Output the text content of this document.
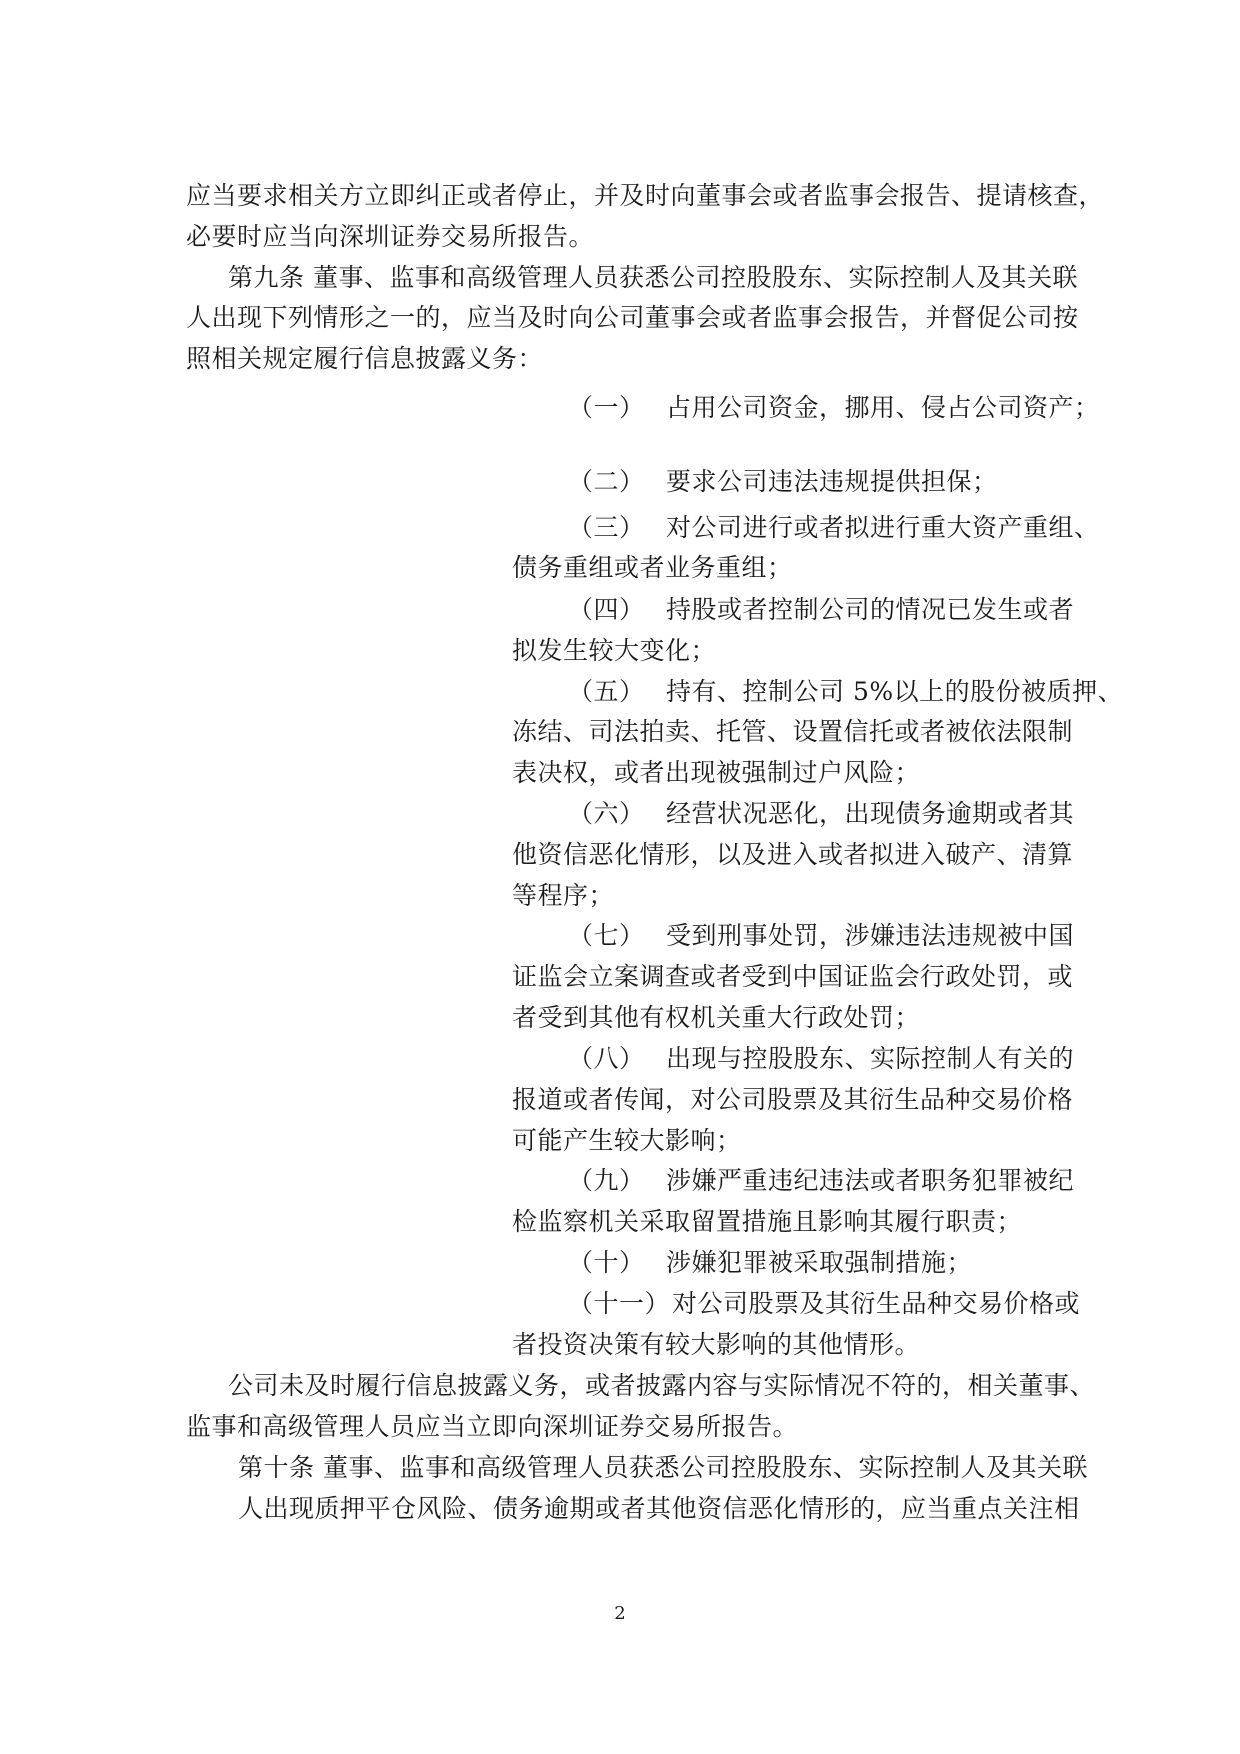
应当要求相关方立即纠正或者停止，并及时向董事会或者监事会报告、提请核查，
必要时应当向深圳证券交易所报告。
第九条 董事、监事和高级管理人员获悉公司控股股东、实际控制人及其关联
人出现下列情形之一的，应当及时向公司董事会或者监事会报告，并督促公司按
照相关规定履行信息披露义务：
（一） 占用公司资金，挪用、侵占公司资产；
（二） 要求公司违法违规提供担保；
（三） 对公司进行或者拟进行重大资产重组、
债务重组或者业务重组；
（四） 持股或者控制公司的情况已发生或者
拟发生较大变化；
（五） 持有、控制公司 5%以上的股份被质押、
冻结、司法拍卖、托管、设置信托或者被依法限制
表决权，或者出现被强制过户风险；
（六） 经营状况恶化，出现债务逾期或者其
他资信恶化情形，以及进入或者拟进入破产、清算
等程序；
（七） 受到刑事处罚，涉嫌违法违规被中国
证监会立案调查或者受到中国证监会行政处罚，或
者受到其他有权机关重大行政处罚；
（八） 出现与控股股东、实际控制人有关的
报道或者传闻，对公司股票及其衍生品种交易价格
可能产生较大影响；
（九） 涉嫌严重违纪违法或者职务犯罪被纪
检监察机关采取留置措施且影响其履行职责；
（十） 涉嫌犯罪被采取强制措施；
（十一）对公司股票及其衍生品种交易价格或
者投资决策有较大影响的其他情形。
公司未及时履行信息披露义务，或者披露内容与实际情况不符的，相关董事、
监事和高级管理人员应当立即向深圳证券交易所报告。
第十条 董事、监事和高级管理人员获悉公司控股股东、实际控制人及其关联
人出现质押平仓风险、债务逾期或者其他资信恶化情形的，应当重点关注相
2
